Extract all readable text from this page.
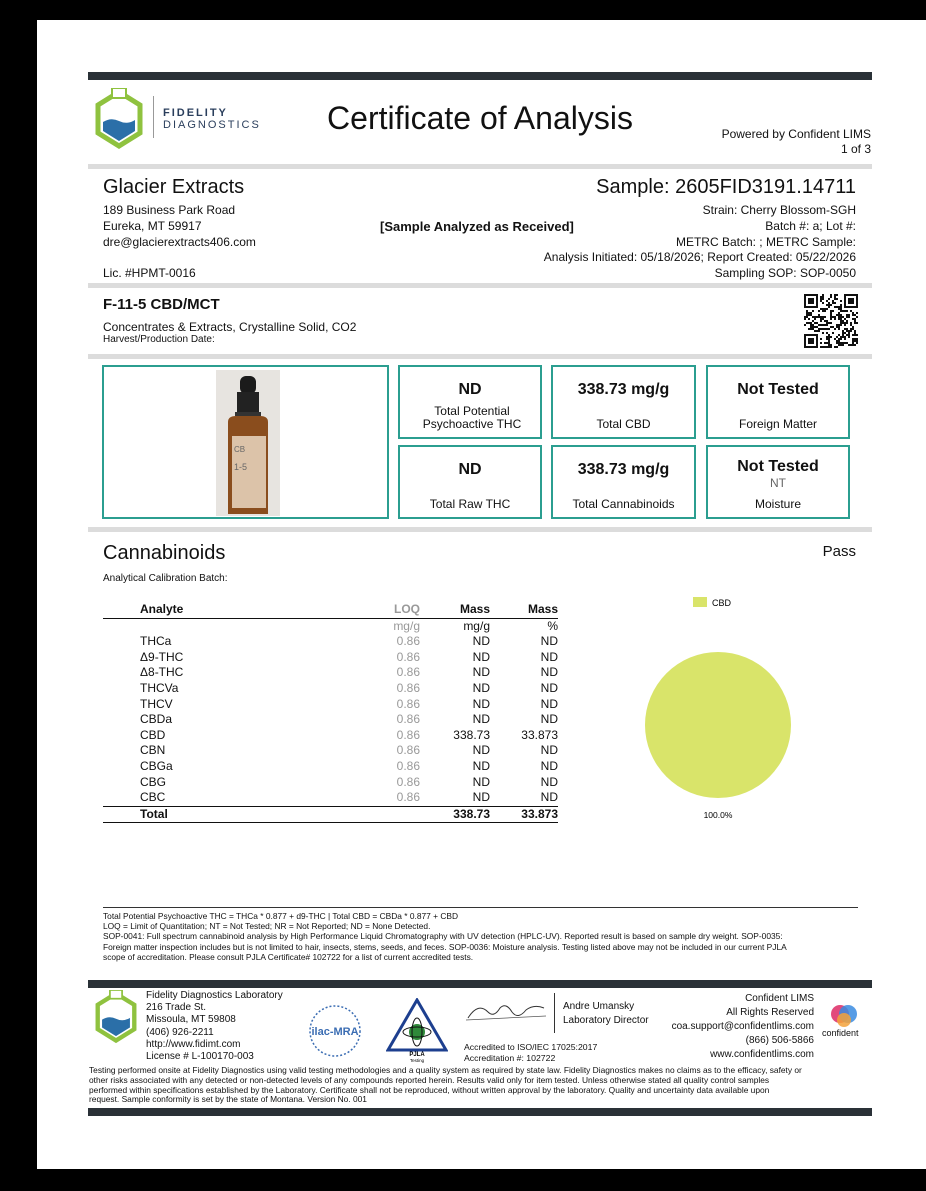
FIDELITY
DIAGNOSTICS	Certificate of Analysis	Powered by Confident LIMS
1 of 3
Glacier Extracts
189 Business Park Road
Eureka, MT 59917
dre@glacierextracts406.com
Lic. #HPMT-0016
[Sample Analyzed as Received]
Sample: 2605FID3191.14711
Strain: Cherry Blossom-SGH
Batch #: a; Lot #:
METRC Batch: ; METRC Sample:
Analysis Initiated: 05/18/2026; Report Created: 05/22/2026
Sampling SOP: SOP-0050
F-11-5 CBD/MCT
Concentrates & Extracts, Crystalline Solid, CO2
Harvest/Production Date:
CB
1-5
ND
Total Potential Psychoactive THC
338.73 mg/g
Total CBD
Not Tested
Foreign Matter
ND
Total Raw THC
338.73 mg/g
Total Cannabinoids
Not Tested
NT
Moisture
Cannabinoids	Pass
Analytical Calibration Batch:
Analyte	LOQ	Mass	Mass
	mg/g	mg/g	%
THCa	0.86	ND	ND
Δ9-THC	0.86	ND	ND
Δ8-THC	0.86	ND	ND
THCVa	0.86	ND	ND
THCV	0.86	ND	ND
CBDa	0.86	ND	ND
CBD	0.86	338.73	33.873
CBN	0.86	ND	ND
CBGa	0.86	ND	ND
CBG	0.86	ND	ND
CBC	0.86	ND	ND
Total		338.73	33.873
CBD
100.0%
Total Potential Psychoactive THC = THCa * 0.877 + d9-THC | Total CBD = CBDa * 0.877 + CBD
LOQ = Limit of Quantitation; NT = Not Tested; NR = Not Reported; ND = None Detected.
SOP-0041: Full spectrum cannabinoid analysis by High Performance Liquid Chromatography with UV detection (HPLC-UV). Reported result is based on sample dry weight. SOP-0035:
Foreign matter inspection includes but is not limited to hair, insects, stems, seeds, and feces. SOP-0036: Moisture analysis. Testing listed above may not be included in our current PJLA
scope of accreditation. Please consult PJLA Certificate# 102722 for a list of current accredited tests.
Fidelity Diagnostics Laboratory
216 Trade St.
Missoula, MT 59808
(406) 926-2211
http://www.fidimt.com
License # L-100170-003
ilac-MRA
PJLA
Testing
Andre Umansky
Laboratory Director
Accredited to ISO/IEC 17025:2017
Accreditation #: 102722
Confident LIMS
All Rights Reserved
coa.support@confidentlims.com
(866) 506-5866
www.confidentlims.com
confident
Testing performed onsite at Fidelity Diagnostics using valid testing methodologies and a quality system as required by state law. Fidelity Diagnostics makes no claims as to the efficacy, safety or
other risks associated with any detected or non-detected levels of any compounds reported herein. Results valid only for item tested. Unless otherwise stated all quality control samples
performed within specifications established by the Laboratory. Certificate shall not be reproduced, without written approval by the laboratory. Quality and uncertainty data available upon
request. Sample conformity is set by the state of Montana. Version No. 001
